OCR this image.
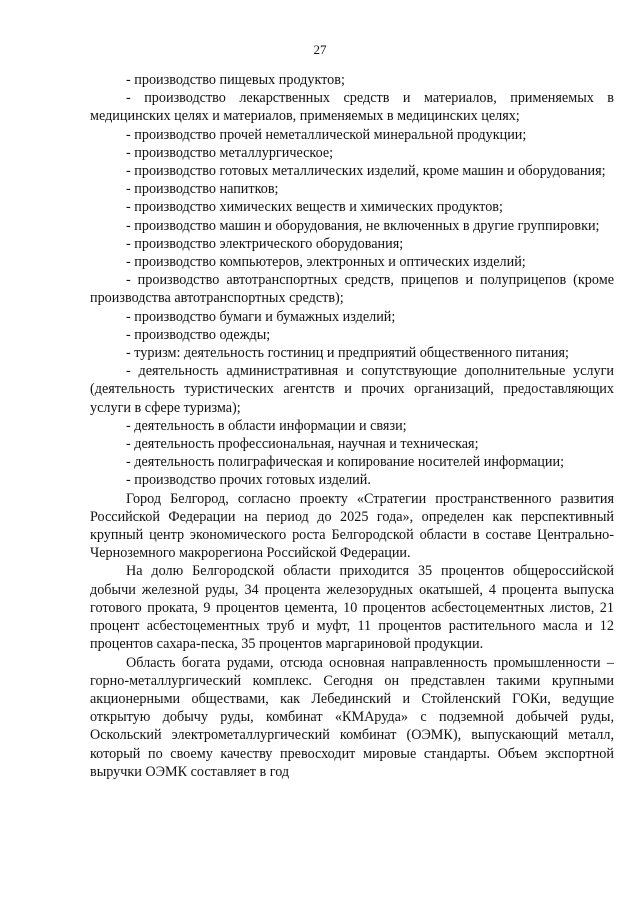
27

- производство пищевых продуктов;

- производство лекарственных средств и материалов, применяемых в медицинских целях и материалов, применяемых в медицинских целях;

- производство прочей неметаллической минеральной продукции;

- производство металлургическое;

- производство готовых металлических изделий, кроме машин и оборудования;

- производство напитков;

- производство химических веществ и химических продуктов;

- производство машин и оборудования, не включенных в другие группировки;

- производство электрического оборудования;

- производство компьютеров, электронных и оптических изделий;

- производство автотранспортных средств, прицепов и полуприцепов (кроме производства автотранспортных средств);

- производство бумаги и бумажных изделий;

- производство одежды;

- туризм: деятельность гостиниц и предприятий общественного питания;

- деятельность административная и сопутствующие дополнительные услуги (деятельность туристических агентств и прочих организаций, предоставляющих услуги в сфере туризма);

- деятельность в области информации и связи;

- деятельность профессиональная, научная и техническая;

- деятельность полиграфическая и копирование носителей информации;

- производство прочих готовых изделий.

Город Белгород, согласно проекту «Стратегии пространственного развития Российской Федерации на период до 2025 года», определен как перспективный крупный центр экономического роста Белгородской области в составе Центрально-Черноземного макрорегиона Российской Федерации.

На долю Белгородской области приходится 35 процентов общероссийской добычи железной руды, 34 процента железорудных окатышей, 4 процента выпуска готового проката, 9 процентов цемента, 10 процентов асбестоцементных листов, 21 процент асбестоцементных труб и муфт, 11 процентов растительного масла и 12 процентов сахара-песка, 35 процентов маргариновой продукции.

Область богата рудами, отсюда основная направленность промышленности – горно-металлургический комплекс. Сегодня он представлен такими крупными акционерными обществами, как Лебединский и Стойленский ГОКи, ведущие открытую добычу руды, комбинат «КМАруда» с подземной добычей руды, Оскольский электрометаллургический комбинат (ОЭМК), выпускающий металл, который по своему качеству превосходит мировые стандарты. Объем экспортной выручки ОЭМК составляет в год
